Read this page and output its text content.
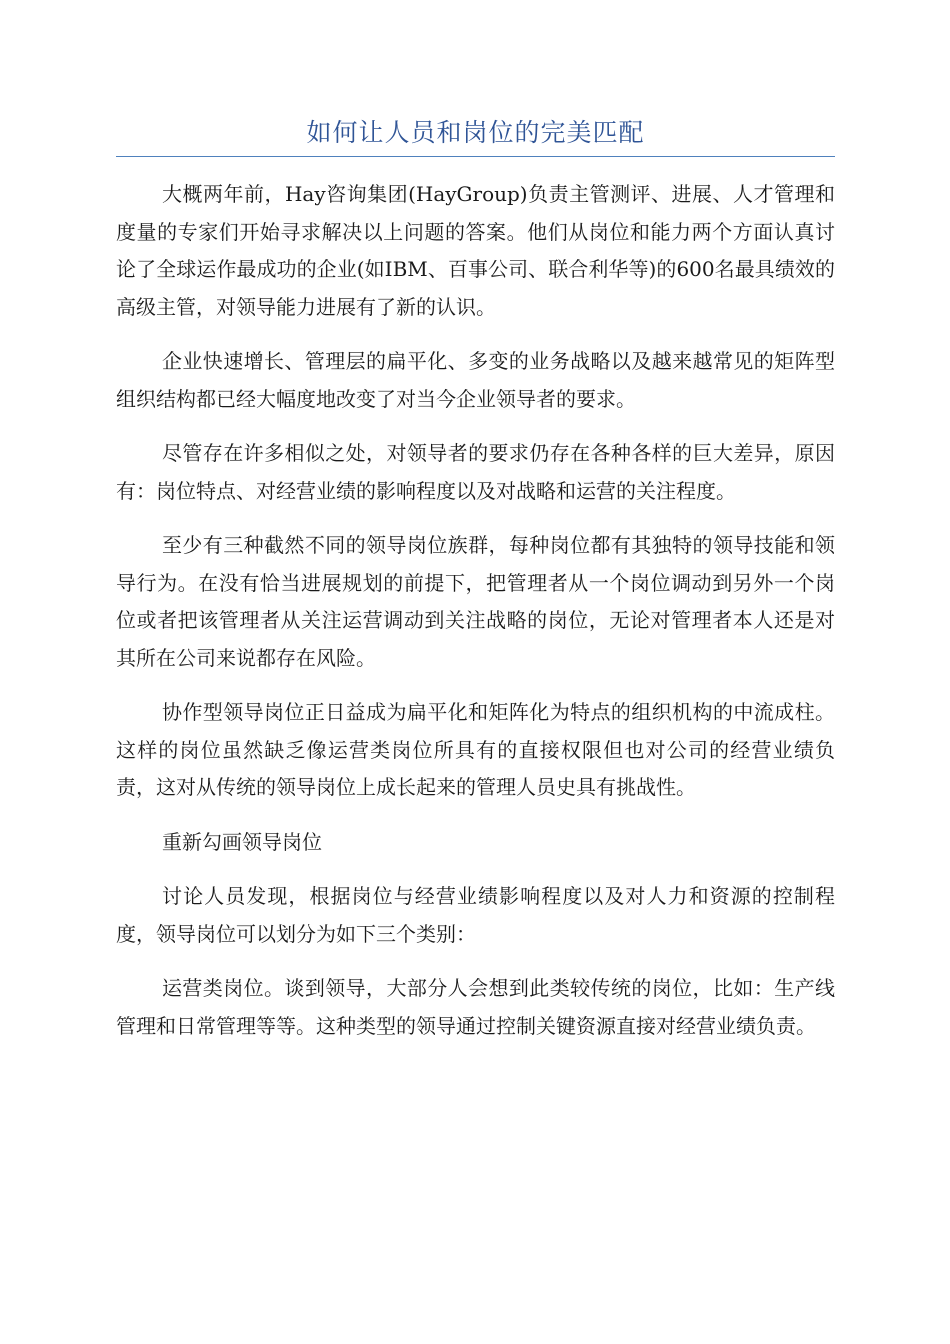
如何让人员和岗位的完美匹配

大概两年前，Hay咨询集团(HayGroup)负责主管测评、进展、人才管理和度量的专家们开始寻求解决以上问题的答案。他们从岗位和能力两个方面认真讨论了全球运作最成功的企业(如IBM、百事公司、联合利华等)的600名最具绩效的高级主管，对领导能力进展有了新的认识。

企业快速增长、管理层的扁平化、多变的业务战略以及越来越常见的矩阵型组织结构都已经大幅度地改变了对当今企业领导者的要求。

尽管存在许多相似之处，对领导者的要求仍存在各种各样的巨大差异，原因有：岗位特点、对经营业绩的影响程度以及对战略和运营的关注程度。

至少有三种截然不同的领导岗位族群，每种岗位都有其独特的领导技能和领导行为。在没有恰当进展规划的前提下，把管理者从一个岗位调动到另外一个岗位或者把该管理者从关注运营调动到关注战略的岗位，无论对管理者本人还是对其所在公司来说都存在风险。

协作型领导岗位正日益成为扁平化和矩阵化为特点的组织机构的中流成柱。这样的岗位虽然缺乏像运营类岗位所具有的直接权限但也对公司的经营业绩负责，这对从传统的领导岗位上成长起来的管理人员史具有挑战性。

重新勾画领导岗位

讨论人员发现，根据岗位与经营业绩影响程度以及对人力和资源的控制程度，领导岗位可以划分为如下三个类别：

运营类岗位。谈到领导，大部分人会想到此类较传统的岗位，比如：生产线管理和日常管理等等。这种类型的领导通过控制关键资源直接对经营业绩负责。
